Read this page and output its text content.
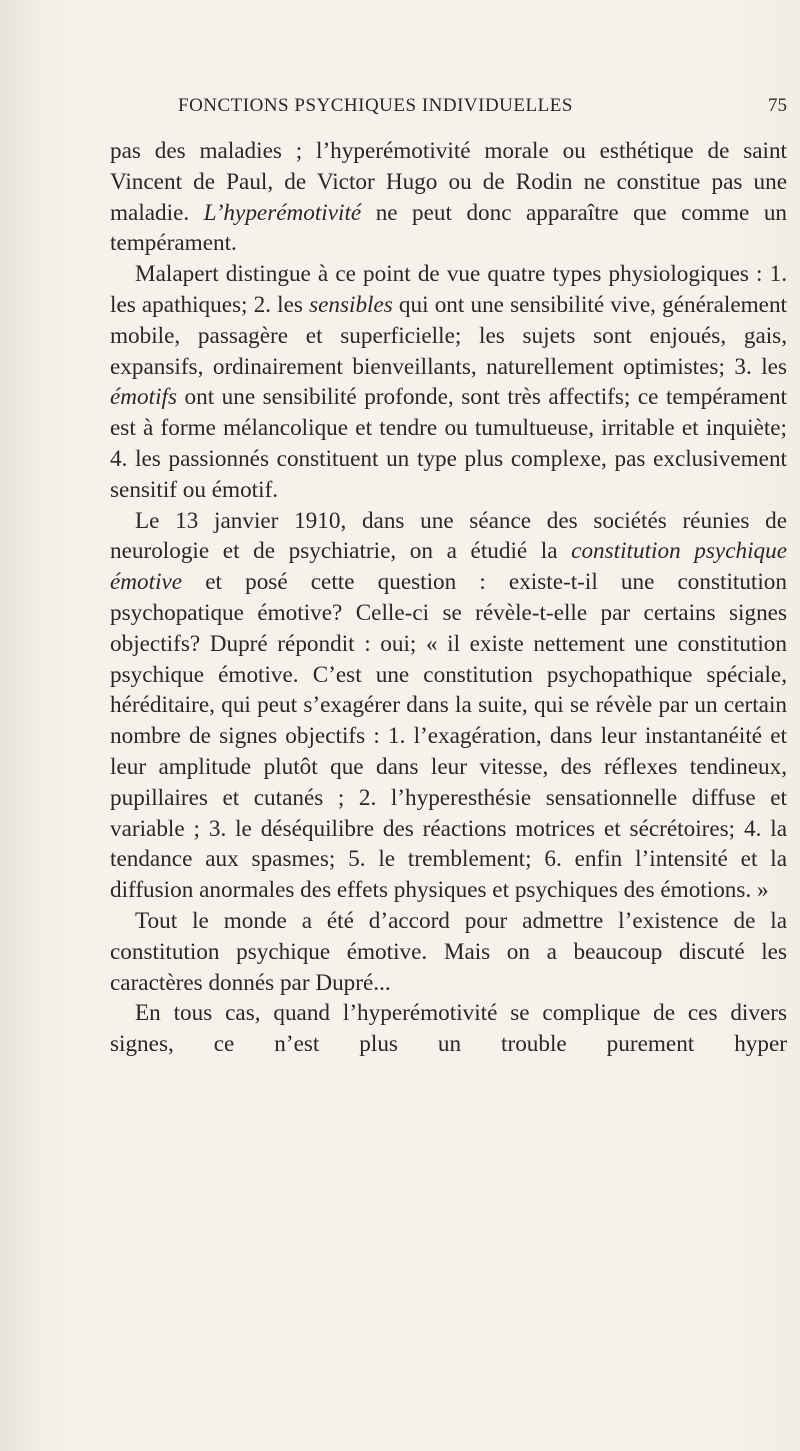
FONCTIONS PSYCHIQUES INDIVIDUELLES	75

pas des maladies ; l’hyperémotivité morale ou esthétique de saint Vincent de Paul, de Victor Hugo ou de Rodin ne constitue pas une maladie. L’hyperémotivité ne peut donc apparaître que comme un tempérament.

Malapert distingue à ce point de vue quatre types physiologiques : 1. les apathiques; 2. les sensibles qui ont une sensibilité vive, généralement mobile, passagère et superficielle; les sujets sont enjoués, gais, expansifs, ordinairement bienveillants, naturellement optimistes; 3. les émotifs ont une sensibilité profonde, sont très affectifs; ce tempérament est à forme mélancolique et tendre ou tumultueuse, irritable et inquiète; 4. les passionnés constituent un type plus complexe, pas exclusivement sensitif ou émotif.

Le 13 janvier 1910, dans une séance des sociétés réunies de neurologie et de psychiatrie, on a étudié la constitution psychique émotive et posé cette question : existe-t-il une constitution psychopatique émotive? Celle-ci se révèle-t-elle par certains signes objectifs? Dupré répondit : oui; « il existe nettement une constitution psychique émotive. C’est une constitution psychopathique spéciale, héréditaire, qui peut s’exagérer dans la suite, qui se révèle par un certain nombre de signes objectifs : 1. l’exagération, dans leur instantanéité et leur amplitude plutôt que dans leur vitesse, des réflexes tendineux, pupillaires et cutanés ; 2. l’hyperesthésie sensationnelle diffuse et variable ; 3. le déséquilibre des réactions motrices et sécrétoires; 4. la tendance aux spasmes; 5. le tremblement; 6. enfin l’intensité et la diffusion anormales des effets physiques et psychiques des émotions. »

Tout le monde a été d’accord pour admettre l’existence de la constitution psychique émotive. Mais on a beaucoup discuté les caractères donnés par Dupré...

En tous cas, quand l’hyperémotivité se complique de ces divers signes, ce n’est plus un trouble purement hyper
